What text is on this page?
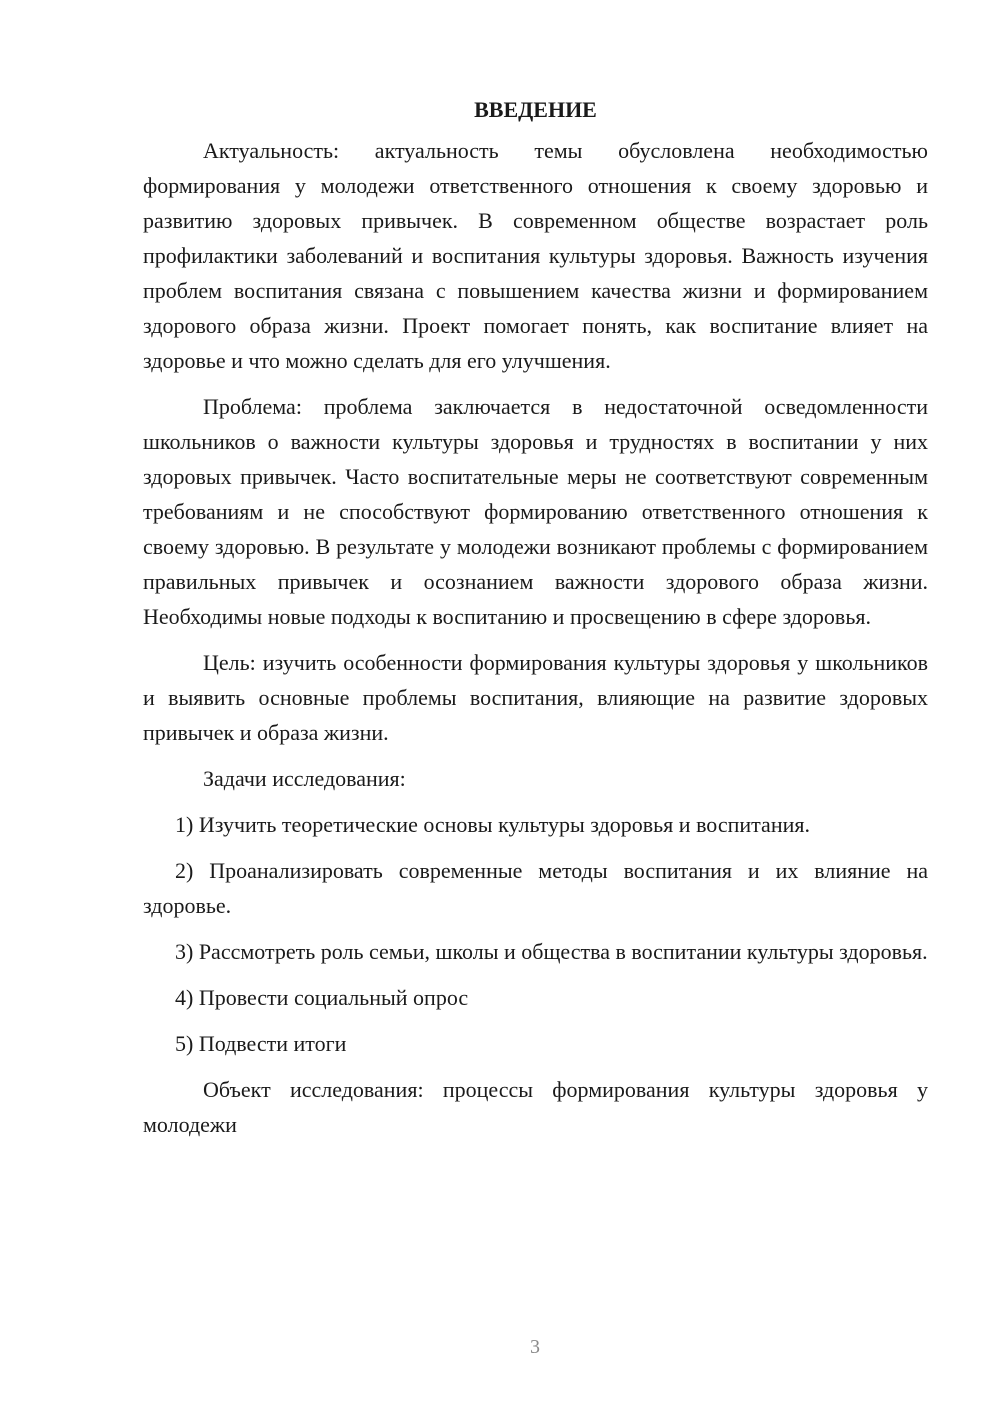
ВВЕДЕНИЕ

Актуальность: актуальность темы обусловлена необходимостью формирования у молодежи ответственного отношения к своему здоровью и развитию здоровых привычек. В современном обществе возрастает роль профилактики заболеваний и воспитания культуры здоровья. Важность изучения проблем воспитания связана с повышением качества жизни и формированием здорового образа жизни. Проект помогает понять, как воспитание влияет на здоровье и что можно сделать для его улучшения.

Проблема: проблема заключается в недостаточной осведомленности школьников о важности культуры здоровья и трудностях в воспитании у них здоровых привычек. Часто воспитательные меры не соответствуют современным требованиям и не способствуют формированию ответственного отношения к своему здоровью. В результате у молодежи возникают проблемы с формированием правильных привычек и осознанием важности здорового образа жизни. Необходимы новые подходы к воспитанию и просвещению в сфере здоровья.

Цель: изучить особенности формирования культуры здоровья у школьников и выявить основные проблемы воспитания, влияющие на развитие здоровых привычек и образа жизни.

Задачи исследования:

1) Изучить теоретические основы культуры здоровья и воспитания.

2) Проанализировать современные методы воспитания и их влияние на здоровье.

3) Рассмотреть роль семьи, школы и общества в воспитании культуры здоровья.

4) Провести социальный опрос

5) Подвести итоги

Объект исследования: процессы формирования культуры здоровья у молодежи

3
